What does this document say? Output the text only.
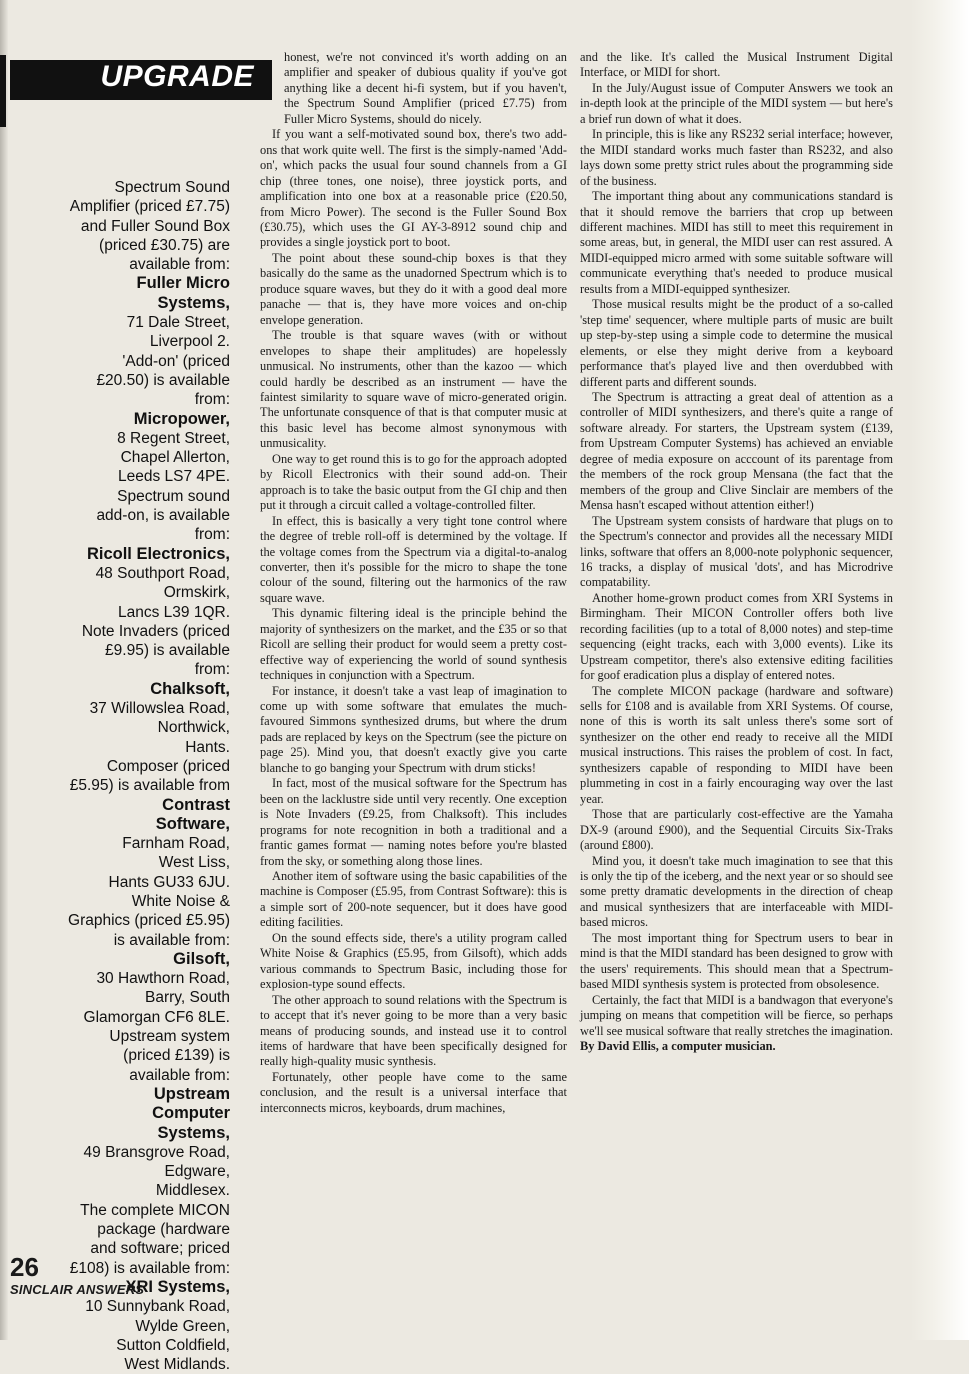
UPGRADE
Spectrum Sound
Amplifier (priced £7.75)
and Fuller Sound Box
(priced £30.75) are
available from:
Fuller Micro
Systems,
71 Dale Street,
Liverpool 2.
'Add-on' (priced
£20.50) is available
from:
Micropower,
8 Regent Street,
Chapel Allerton,
Leeds LS7 4PE.
Spectrum sound
add-on, is available
from:
Ricoll Electronics,
48 Southport Road,
Ormskirk,
Lancs L39 1QR.
Note Invaders (priced
£9.95) is available
from:
Chalksoft,
37 Willowslea Road,
Northwick,
Hants.
Composer (priced
£5.95) is available from
Contrast
Software,
Farnham Road,
West Liss,
Hants GU33 6JU.
White Noise &
Graphics (priced £5.95)
is available from:
Gilsoft,
30 Hawthorn Road,
Barry, South
Glamorgan CF6 8LE.
Upstream system
(priced £139) is
available from:
Upstream
Computer
Systems,
49 Bransgrove Road,
Edgware,
Middlesex.
The complete MICON
package (hardware
and software; priced
£108) is available from:
XRI Systems,
10 Sunnybank Road,
Wylde Green,
Sutton Coldfield,
West Midlands.

honest, we're not convinced it's worth adding on an amplifier and speaker of dubious quality if you've got anything like a decent hi-fi system, but if you haven't, the Spectrum Sound Amplifier (priced £7.75) from Fuller Micro Systems, should do nicely.

If you want a self-motivated sound box, there's two add-ons that work quite well. The first is the simply-named 'Add-on', which packs the usual four sound channels from a GI chip (three tones, one noise), three joystick ports, and amplification into one box at a reasonable price (£20.50, from Micro Power). The second is the Fuller Sound Box (£30.75), which uses the GI AY-3-8912 sound chip and provides a single joystick port to boot.

The point about these sound-chip boxes is that they basically do the same as the unadorned Spectrum which is to produce square waves, but they do it with a good deal more panache — that is, they have more voices and on-chip envelope generation.

The trouble is that square waves (with or without envelopes to shape their amplitudes) are hopelessly unmusical. No instruments, other than the kazoo — which could hardly be described as an instrument — have the faintest similarity to square wave of micro-generated origin. The unfortunate consquence of that is that computer music at this basic level has become almost synonymous with unmusicality.

One way to get round this is to go for the approach adopted by Ricoll Electronics with their sound add-on. Their approach is to take the basic output from the GI chip and then put it through a circuit called a voltage-controlled filter.

In effect, this is basically a very tight tone control where the degree of treble roll-off is determined by the voltage. If the voltage comes from the Spectrum via a digital-to-analog converter, then it's possible for the micro to shape the tone colour of the sound, filtering out the harmonics of the raw square wave.

This dynamic filtering ideal is the principle behind the majority of synthesizers on the market, and the £35 or so that Ricoll are selling their product for would seem a pretty cost-effective way of experiencing the world of sound synthesis techniques in conjunction with a Spectrum.

For instance, it doesn't take a vast leap of imagination to come up with some software that emulates the much-favoured Simmons synthesized drums, but where the drum pads are replaced by keys on the Spectrum (see the picture on page 25). Mind you, that doesn't exactly give you carte blanche to go banging your Spectrum with drum sticks!

In fact, most of the musical software for the Spectrum has been on the lacklustre side until very recently. One exception is Note Invaders (£9.25, from Chalksoft). This includes programs for note recognition in both a traditional and a frantic games format — naming notes before you're blasted from the sky, or something along those lines.

Another item of software using the basic capabilities of the machine is Composer (£5.95, from Contrast Software): this is a simple sort of 200-note sequencer, but it does have good editing facilities.

On the sound effects side, there's a utility program called White Noise & Graphics (£5.95, from Gilsoft), which adds various commands to Spectrum Basic, including those for explosion-type sound effects.

The other approach to sound relations with the Spectrum is to accept that it's never going to be more than a very basic means of producing sounds, and instead use it to control items of hardware that have been specifically designed for really high-quality music synthesis.

Fortunately, other people have come to the same conclusion, and the result is a universal interface that interconnects micros, keyboards, drum machines,

and the like. It's called the Musical Instrument Digital Interface, or MIDI for short.

In the July/August issue of Computer Answers we took an in-depth look at the principle of the MIDI system — but here's a brief run down of what it does.

In principle, this is like any RS232 serial interface; however, the MIDI standard works much faster than RS232, and also lays down some pretty strict rules about the programming side of the business.

The important thing about any communications standard is that it should remove the barriers that crop up between different machines. MIDI has still to meet this requirement in some areas, but, in general, the MIDI user can rest assured. A MIDI-equipped micro armed with some suitable software will communicate everything that's needed to produce musical results from a MIDI-equipped synthesizer.

Those musical results might be the product of a so-called 'step time' sequencer, where multiple parts of music are built up step-by-step using a simple code to determine the musical elements, or else they might derive from a keyboard performance that's played live and then overdubbed with different parts and different sounds.

The Spectrum is attracting a great deal of attention as a controller of MIDI synthesizers, and there's quite a range of software already. For starters, the Upstream system (£139, from Upstream Computer Systems) has achieved an enviable degree of media exposure on acccount of its parentage from the members of the rock group Mensana (the fact that the members of the group and Clive Sinclair are members of the Mensa hasn't escaped without attention either!)

The Upstream system consists of hardware that plugs on to the Spectrum's connector and provides all the necessary MIDI links, software that offers an 8,000-note polyphonic sequencer, 16 tracks, a display of musical 'dots', and has Microdrive compatability.

Another home-grown product comes from XRI Systems in Birmingham. Their MICON Controller offers both live recording facilities (up to a total of 8,000 notes) and step-time sequencing (eight tracks, each with 3,000 events). Like its Upstream competitor, there's also extensive editing facilities for goof eradication plus a display of entered notes.

The complete MICON package (hardware and software) sells for £108 and is available from XRI Systems. Of course, none of this is worth its salt unless there's some sort of synthesizer on the other end ready to receive all the MIDI musical instructions. This raises the problem of cost. In fact, synthesizers capable of responding to MIDI have been plummeting in cost in a fairly encouraging way over the last year.

Those that are particularly cost-effective are the Yamaha DX-9 (around £900), and the Sequential Circuits Six-Traks (around £800).

Mind you, it doesn't take much imagination to see that this is only the tip of the iceberg, and the next year or so should see some pretty dramatic developments in the direction of cheap and musical synthesizers that are interfaceable with MIDI-based micros.

The most important thing for Spectrum users to bear in mind is that the MIDI standard has been designed to grow with the users' requirements. This should mean that a Spectrum-based MIDI synthesis system is protected from obsolesence.

Certainly, the fact that MIDI is a bandwagon that everyone's jumping on means that competition will be fierce, so perhaps we'll see musical software that really stretches the imagination.

By David Ellis, a computer musician.

26
SINCLAIR ANSWERS
